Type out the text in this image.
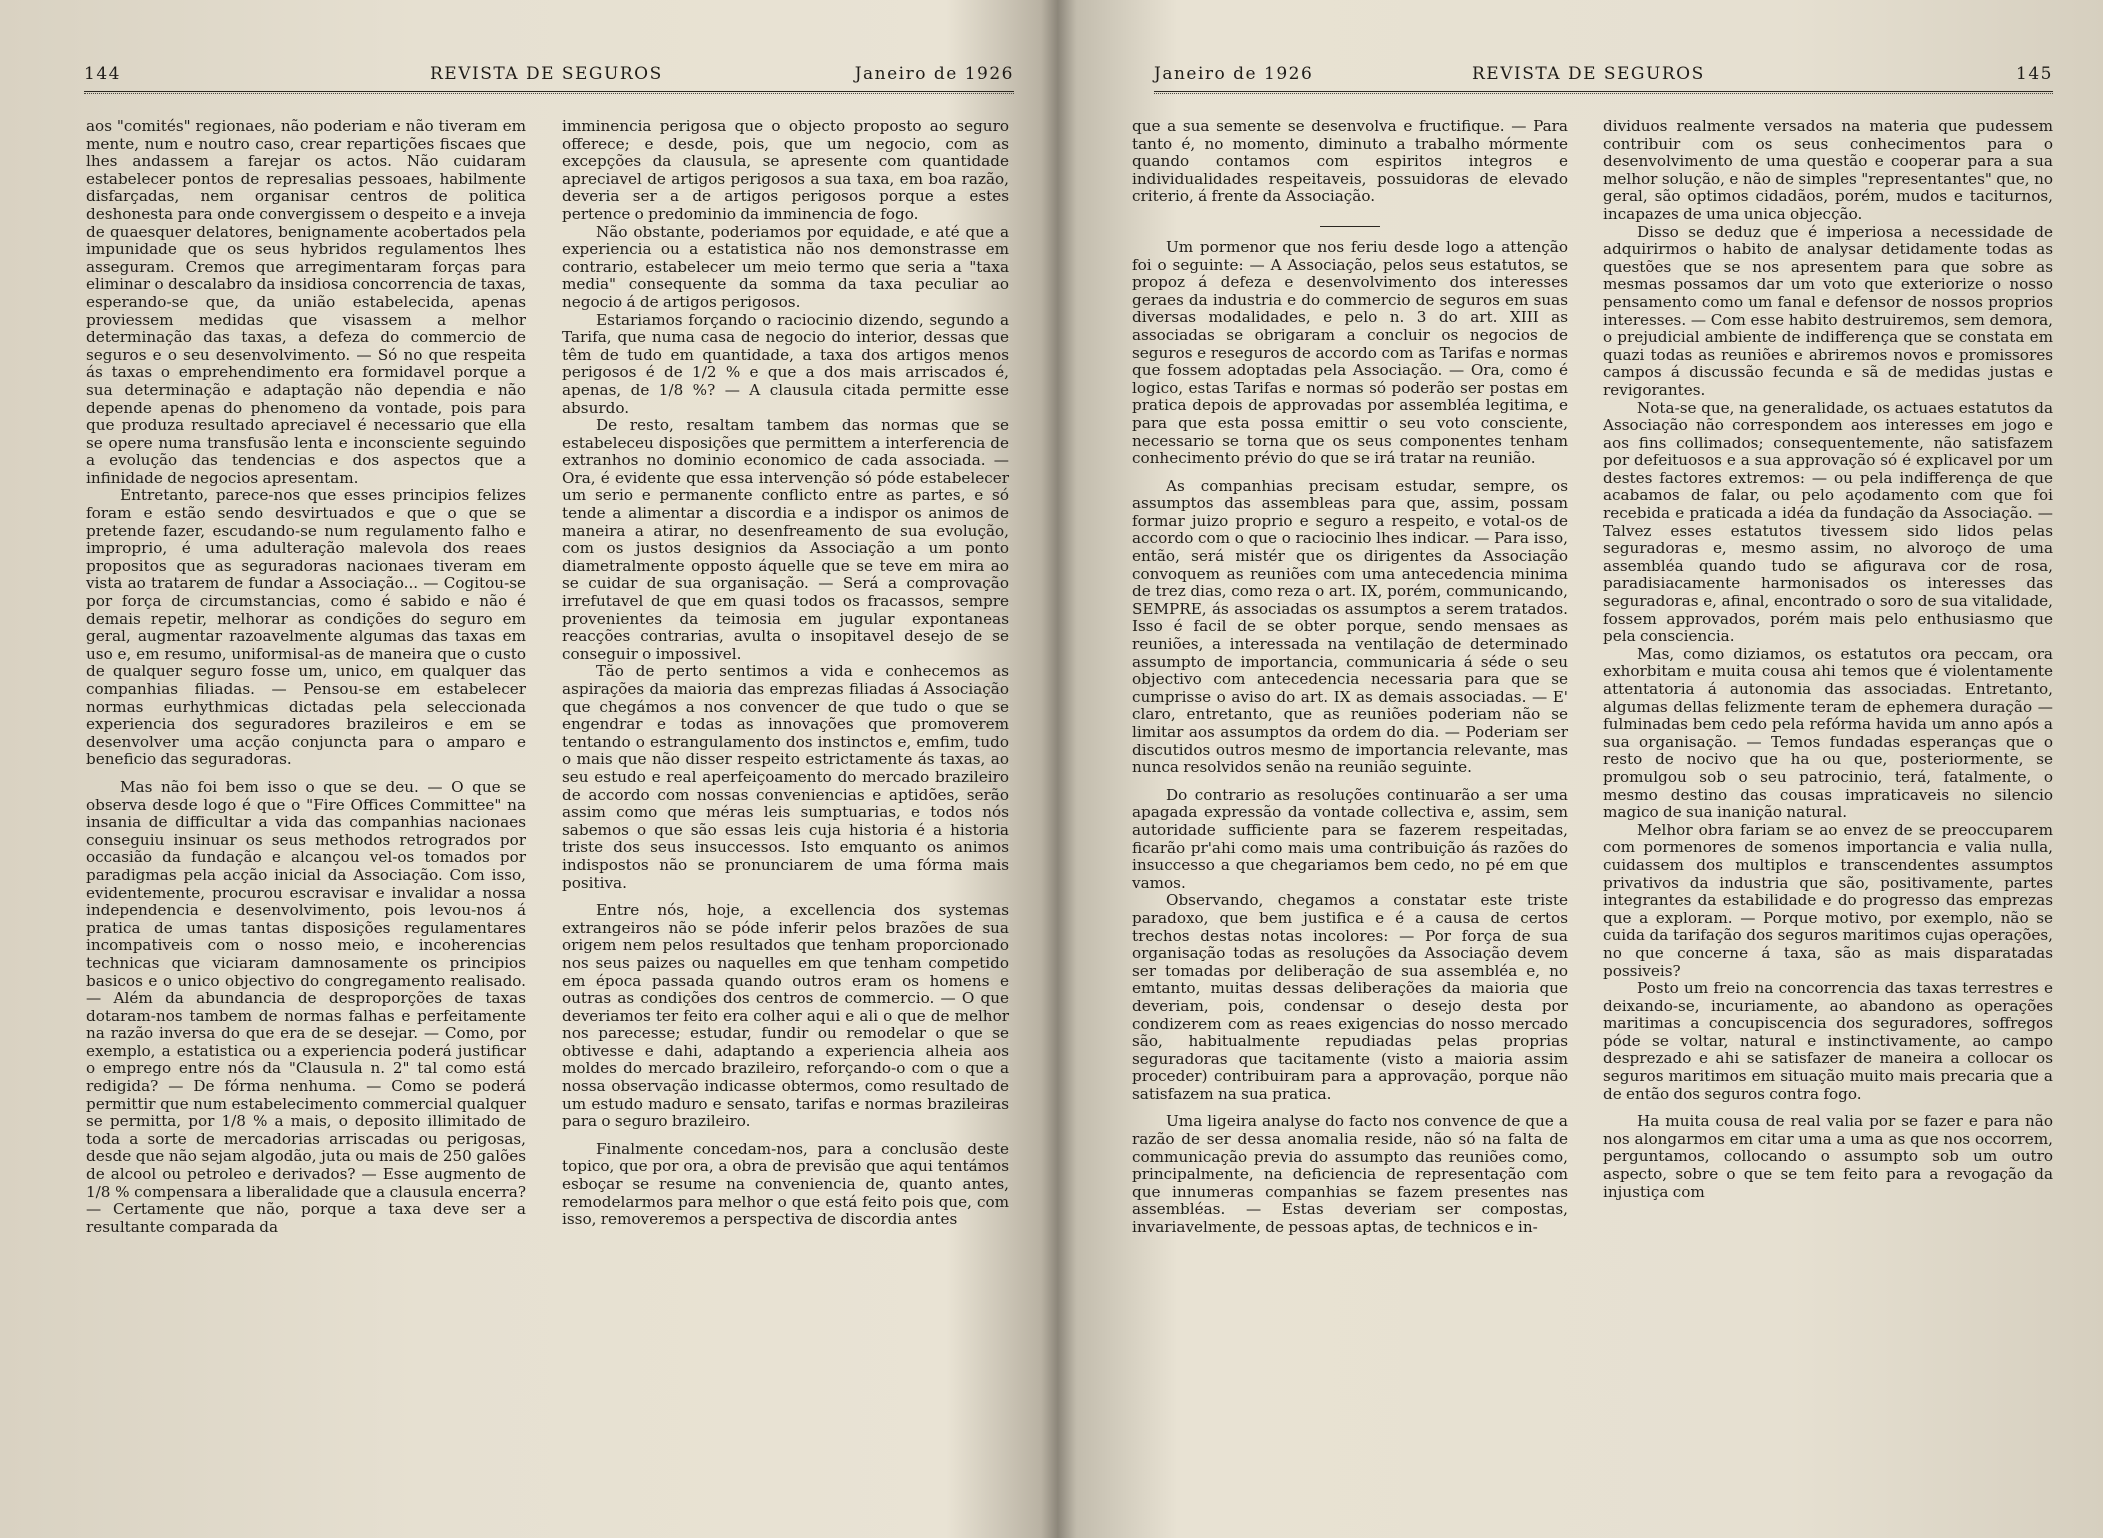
144	REVISTA DE SEGUROS	Janeiro de 1926

aos "comités" regionaes, não poderiam e não tiveram em mente, num e noutro caso, crear repartições fiscaes que lhes andassem a farejar os actos. Não cuidaram estabelecer pontos de represalias pessoaes, habilmente disfarçadas, nem organisar centros de politica deshonesta para onde convergissem o despeito e a inveja de quaesquer delatores, benignamente acobertados pela impunidade que os seus hybridos regulamentos lhes asseguram. Cremos que arregimentaram forças para eliminar o descalabro da insidiosa concorrencia de taxas, esperando-se que, da união estabelecida, apenas proviessem medidas que visassem a melhor determinação das taxas, a defeza do commercio de seguros e o seu desenvolvimento. — Só no que respeita ás taxas o emprehendimento era formidavel porque a sua determinação e adaptação não dependia e não depende apenas do phenomeno da vontade, pois para que produza resultado apreciavel é necessario que ella se opere numa transfusão lenta e inconsciente seguindo a evolução das tendencias e dos aspectos que a infinidade de negocios apresentam.

Entretanto, parece-nos que esses principios felizes foram e estão sendo desvirtuados e que o que se pretende fazer, escudando-se num regulamento falho e improprio, é uma adulteração malevola dos reaes propositos que as seguradoras nacionaes tiveram em vista ao tratarem de fundar a Associação... — Cogitou-se por força de circumstancias, como é sabido e não é demais repetir, melhorar as condições do seguro em geral, augmentar razoavelmente algumas das taxas em uso e, em resumo, uniformisal-as de maneira que o custo de qualquer seguro fosse um, unico, em qualquer das companhias filiadas. — Pensou-se em estabelecer normas eurhythmicas dictadas pela seleccionada experiencia dos seguradores brazileiros e em se desenvolver uma acção conjuncta para o amparo e beneficio das seguradoras.

Mas não foi bem isso o que se deu. — O que se observa desde logo é que o "Fire Offices Committee" na insania de difficultar a vida das companhias nacionaes conseguiu insinuar os seus methodos retrogrados por occasião da fundação e alcançou vel-os tomados por paradigmas pela acção inicial da Associação. Com isso, evidentemente, procurou escravisar e invalidar a nossa independencia e desenvolvimento, pois levou-nos á pratica de umas tantas disposições regulamentares incompativeis com o nosso meio, e incoherencias technicas que viciaram damnosamente os principios basicos e o unico objectivo do congregamento realisado. — Além da abundancia de desproporções de taxas dotaram-nos tambem de normas falhas e perfeitamente na razão inversa do que era de se desejar. — Como, por exemplo, a estatistica ou a experiencia poderá justificar o emprego entre nós da "Clausula n. 2" tal como está redigida? — De fórma nenhuma. — Como se poderá permittir que num estabelecimento commercial qualquer se permitta, por 1/8 % a mais, o deposito illimitado de toda a sorte de mercadorias arriscadas ou perigosas, desde que não sejam algodão, juta ou mais de 250 galões de alcool ou petroleo e derivados? — Esse augmento de 1/8 % compensara a liberalidade que a clausula encerra? — Certamente que não, porque a taxa deve ser a resultante comparada da

imminencia perigosa que o objecto proposto ao seguro offerece; e desde, pois, que um negocio, com as excepções da clausula, se apresente com quantidade apreciavel de artigos perigosos a sua taxa, em boa razão, deveria ser a de artigos perigosos porque a estes pertence o predominio da imminencia de fogo.

Não obstante, poderiamos por equidade, e até que a experiencia ou a estatistica não nos demonstrasse em contrario, estabelecer um meio termo que seria a "taxa media" consequente da somma da taxa peculiar ao negocio á de artigos perigosos.

Estariamos forçando o raciocinio dizendo, segundo a Tarifa, que numa casa de negocio do interior, dessas que têm de tudo em quantidade, a taxa dos artigos menos perigosos é de 1/2 % e que a dos mais arriscados é, apenas, de 1/8 %? — A clausula citada permitte esse absurdo.

De resto, resaltam tambem das normas que se estabeleceu disposições que permittem a interferencia de extranhos no dominio economico de cada associada. — Ora, é evidente que essa intervenção só póde estabelecer um serio e permanente conflicto entre as partes, e só tende a alimentar a discordia e a indispor os animos de maneira a atirar, no desenfreamento de sua evolução, com os justos designios da Associação a um ponto diametralmente opposto áquelle que se teve em mira ao se cuidar de sua organisação. — Será a comprovação irrefutavel de que em quasi todos os fracassos, sempre provenientes da teimosia em jugular expontaneas reacções contrarias, avulta o insopitavel desejo de se conseguir o impossivel.

Tão de perto sentimos a vida e conhecemos as aspirações da maioria das emprezas filiadas á Associação que chegámos a nos convencer de que tudo o que se engendrar e todas as innovações que promoverem tentando o estrangulamento dos instinctos e, emfim, tudo o mais que não disser respeito estrictamente ás taxas, ao seu estudo e real aperfeiçoamento do mercado brazileiro de accordo com nossas conveniencias e aptidões, serão assim como que méras leis sumptuarias, e todos nós sabemos o que são essas leis cuja historia é a historia triste dos seus insuccessos. Isto emquanto os animos indispostos não se pronunciarem de uma fórma mais positiva.

Entre nós, hoje, a excellencia dos systemas extrangeiros não se póde inferir pelos brazões de sua origem nem pelos resultados que tenham proporcionado nos seus paizes ou naquelles em que tenham competido em época passada quando outros eram os homens e outras as condições dos centros de commercio. — O que deveriamos ter feito era colher aqui e ali o que de melhor nos parecesse; estudar, fundir ou remodelar o que se obtivesse e dahi, adaptando a experiencia alheia aos moldes do mercado brazileiro, reforçando-o com o que a nossa observação indicasse obtermos, como resultado de um estudo maduro e sensato, tarifas e normas brazileiras para o seguro brazileiro.

Finalmente concedam-nos, para a conclusão deste topico, que por ora, a obra de previsão que aqui tentámos esboçar se resume na conveniencia de, quanto antes, remodelarmos para melhor o que está feito pois que, com isso, removeremos a perspectiva de discordia antes

Janeiro de 1926	REVISTA DE SEGUROS	145

que a sua semente se desenvolva e fructifique. — Para tanto é, no momento, diminuto a trabalho mórmente quando contamos com espiritos integros e individualidades respeitaveis, possuidoras de elevado criterio, á frente da Associação.

Um pormenor que nos feriu desde logo a attenção foi o seguinte: — A Associação, pelos seus estatutos, se propoz á defeza e desenvolvimento dos interesses geraes da industria e do commercio de seguros em suas diversas modalidades, e pelo n. 3 do art. XIII as associadas se obrigaram a concluir os negocios de seguros e reseguros de accordo com as Tarifas e normas que fossem adoptadas pela Associação. — Ora, como é logico, estas Tarifas e normas só poderão ser postas em pratica depois de approvadas por assembléa legitima, e para que esta possa emittir o seu voto consciente, necessario se torna que os seus componentes tenham conhecimento prévio do que se irá tratar na reunião.

As companhias precisam estudar, sempre, os assumptos das assembleas para que, assim, possam formar juizo proprio e seguro a respeito, e votal-os de accordo com o que o raciocinio lhes indicar. — Para isso, então, será mistér que os dirigentes da Associação convoquem as reuniões com uma antecedencia minima de trez dias, como reza o art. IX, porém, communicando, SEMPRE, ás associadas os assumptos a serem tratados. Isso é facil de se obter porque, sendo mensaes as reuniões, a interessada na ventilação de determinado assumpto de importancia, communicaria á séde o seu objectivo com antecedencia necessaria para que se cumprisse o aviso do art. IX as demais associadas. — E' claro, entretanto, que as reuniões poderiam não se limitar aos assumptos da ordem do dia. — Poderiam ser discutidos outros mesmo de importancia relevante, mas nunca resolvidos senão na reunião seguinte.

Do contrario as resoluções continuarão a ser uma apagada expressão da vontade collectiva e, assim, sem autoridade sufficiente para se fazerem respeitadas, ficarão pr'ahi como mais uma contribuição ás razões do insuccesso a que chegariamos bem cedo, no pé em que vamos.

Observando, chegamos a constatar este triste paradoxo, que bem justifica e é a causa de certos trechos destas notas incolores: — Por força de sua organisação todas as resoluções da Associação devem ser tomadas por deliberação de sua assembléa e, no emtanto, muitas dessas deliberações da maioria que deveriam, pois, condensar o desejo desta por condizerem com as reaes exigencias do nosso mercado são, habitualmente repudiadas pelas proprias seguradoras que tacitamente (visto a maioria assim proceder) contribuiram para a approvação, porque não satisfazem na sua pratica.

Uma ligeira analyse do facto nos convence de que a razão de ser dessa anomalia reside, não só na falta de communicação previa do assumpto das reuniões como, principalmente, na deficiencia de representação com que innumeras companhias se fazem presentes nas assembléas. — Estas deveriam ser compostas, invariavelmente, de pessoas aptas, de technicos e in-

dividuos realmente versados na materia que pudessem contribuir com os seus conhecimentos para o desenvolvimento de uma questão e cooperar para a sua melhor solução, e não de simples "representantes" que, no geral, são optimos cidadãos, porém, mudos e taciturnos, incapazes de uma unica objecção.

Disso se deduz que é imperiosa a necessidade de adquirirmos o habito de analysar detidamente todas as questões que se nos apresentem para que sobre as mesmas possamos dar um voto que exteriorize o nosso pensamento como um fanal e defensor de nossos proprios interesses. — Com esse habito destruiremos, sem demora, o prejudicial ambiente de indifferença que se constata em quazi todas as reuniões e abriremos novos e promissores campos á discussão fecunda e sã de medidas justas e revigorantes.

Nota-se que, na generalidade, os actuaes estatutos da Associação não correspondem aos interesses em jogo e aos fins collimados; consequentemente, não satisfazem por defeituosos e a sua approvação só é explicavel por um destes factores extremos: — ou pela indifferença de que acabamos de falar, ou pelo açodamento com que foi recebida e praticada a idéa da fundação da Associação. — Talvez esses estatutos tivessem sido lidos pelas seguradoras e, mesmo assim, no alvoroço de uma assembléa quando tudo se afigurava cor de rosa, paradisiacamente harmonisados os interesses das seguradoras e, afinal, encontrado o soro de sua vitalidade, fossem approvados, porém mais pelo enthusiasmo que pela consciencia.

Mas, como diziamos, os estatutos ora peccam, ora exhorbitam e muita cousa ahi temos que é violentamente attentatoria á autonomia das associadas. Entretanto, algumas dellas felizmente teram de ephemera duração — fulminadas bem cedo pela refórma havida um anno após a sua organisação. — Temos fundadas esperanças que o resto de nocivo que ha ou que, posteriormente, se promulgou sob o seu patrocinio, terá, fatalmente, o mesmo destino das cousas impraticaveis no silencio magico de sua inanição natural.

Melhor obra fariam se ao envez de se preoccuparem com pormenores de somenos importancia e valia nulla, cuidassem dos multiplos e transcendentes assumptos privativos da industria que são, positivamente, partes integrantes da estabilidade e do progresso das emprezas que a exploram. — Porque motivo, por exemplo, não se cuida da tarifação dos seguros maritimos cujas operações, no que concerne á taxa, são as mais disparatadas possiveis?

Posto um freio na concorrencia das taxas terrestres e deixando-se, incuriamente, ao abandono as operações maritimas a concupiscencia dos seguradores, soffregos póde se voltar, natural e instinctivamente, ao campo desprezado e ahi se satisfazer de maneira a collocar os seguros maritimos em situação muito mais precaria que a de então dos seguros contra fogo.

Ha muita cousa de real valia por se fazer e para não nos alongarmos em citar uma a uma as que nos occorrem, perguntamos, collocando o assumpto sob um outro aspecto, sobre o que se tem feito para a revogação da injustiça com
